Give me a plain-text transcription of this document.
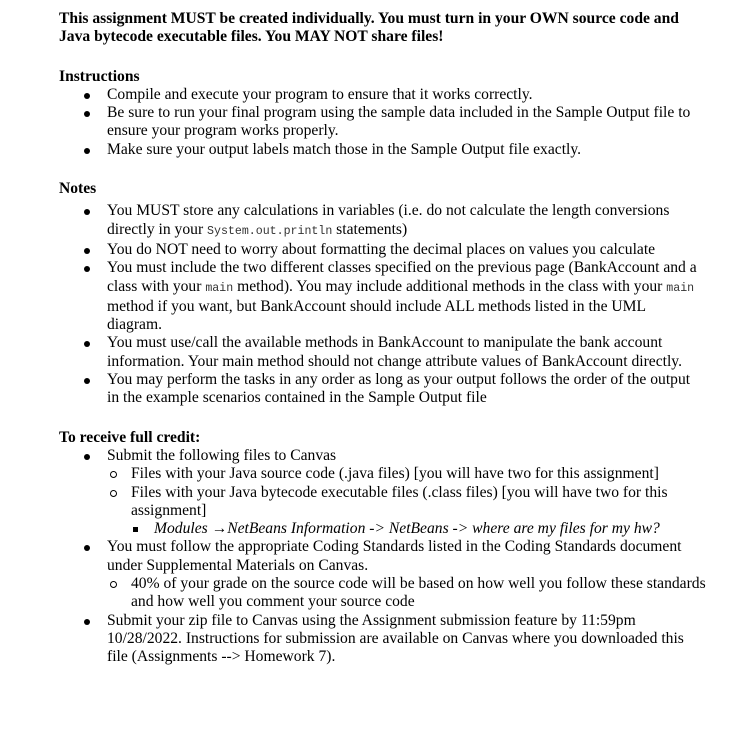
This assignment MUST be created individually. You must turn in your OWN source code and Java bytecode executable files. You MAY NOT share files!
Instructions
Compile and execute your program to ensure that it works correctly.
Be sure to run your final program using the sample data included in the Sample Output file to ensure your program works properly.
Make sure your output labels match those in the Sample Output file exactly.
Notes
You MUST store any calculations in variables (i.e. do not calculate the length conversions directly in your System.out.println statements)
You do NOT need to worry about formatting the decimal places on values you calculate
You must include the two different classes specified on the previous page (BankAccount and a class with your main method). You may include additional methods in the class with your main method if you want, but BankAccount should include ALL methods listed in the UML diagram.
You must use/call the available methods in BankAccount to manipulate the bank account information. Your main method should not change attribute values of BankAccount directly.
You may perform the tasks in any order as long as your output follows the order of the output in the example scenarios contained in the Sample Output file
To receive full credit:
Submit the following files to Canvas
Files with your Java source code (.java files) [you will have two for this assignment]
Files with your Java bytecode executable files (.class files) [you will have two for this assignment]
Modules →NetBeans Information -> NetBeans -> where are my files for my hw?
You must follow the appropriate Coding Standards listed in the Coding Standards document under Supplemental Materials on Canvas.
40% of your grade on the source code will be based on how well you follow these standards and how well you comment your source code
Submit your zip file to Canvas using the Assignment submission feature by 11:59pm 10/28/2022. Instructions for submission are available on Canvas where you downloaded this file (Assignments --> Homework 7).
